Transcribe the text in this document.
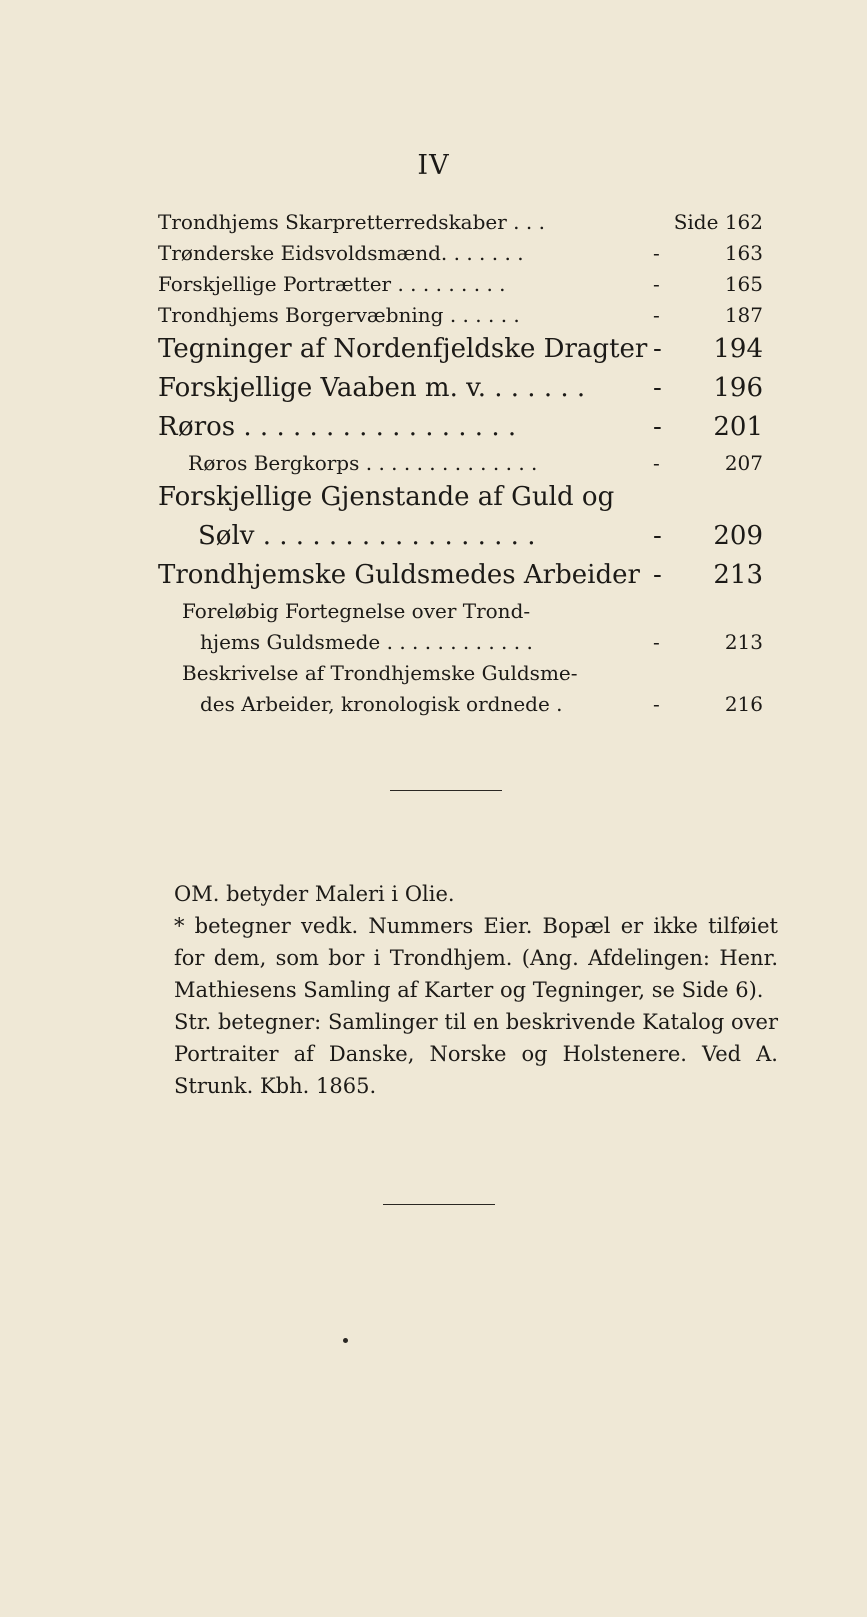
IV
Trondhjems Skarpretterredskaber . . .	Side 162
Trønderske Eidsvoldsmænd. . . . . . .	-	163
Forskjellige Portrætter . . . . . . . . .	-	165
Trondhjems Borgervæbning . . . . . .	-	187
Tegninger af Nordenfjeldske Dragter - 194
Forskjellige Vaaben m. v. . . . . . .	- 196
Røros . . . . . . . . . . . . . . . . .	- 201
Røros Bergkorps . . . . . . . . . . . . . .	-	207
Forskjellige Gjenstande af Guld og
Sølv . . . . . . . . . . . . . . . . .	- 209
Trondhjemske Guldsmedes Arbeider - 213
Foreløbig Fortegnelse over Trond-
hjems Guldsmede . . . . . . . . . . . .	-	213
Beskrivelse af Trondhjemske Guldsme-
des Arbeider, kronologisk ordnede .	-	216

OM. betyder Maleri i Olie.

* betegner vedk. Nummers Eier. Bopæl er ikke tilføiet for dem, som bor i Trondhjem. (Ang. Afdelingen: Henr. Mathiesens Samling af Karter og Tegninger, se Side 6).

Str. betegner: Samlinger til en beskrivende Katalog over Portraiter af Danske, Norske og Holstenere. Ved A. Strunk. Kbh. 1865.
